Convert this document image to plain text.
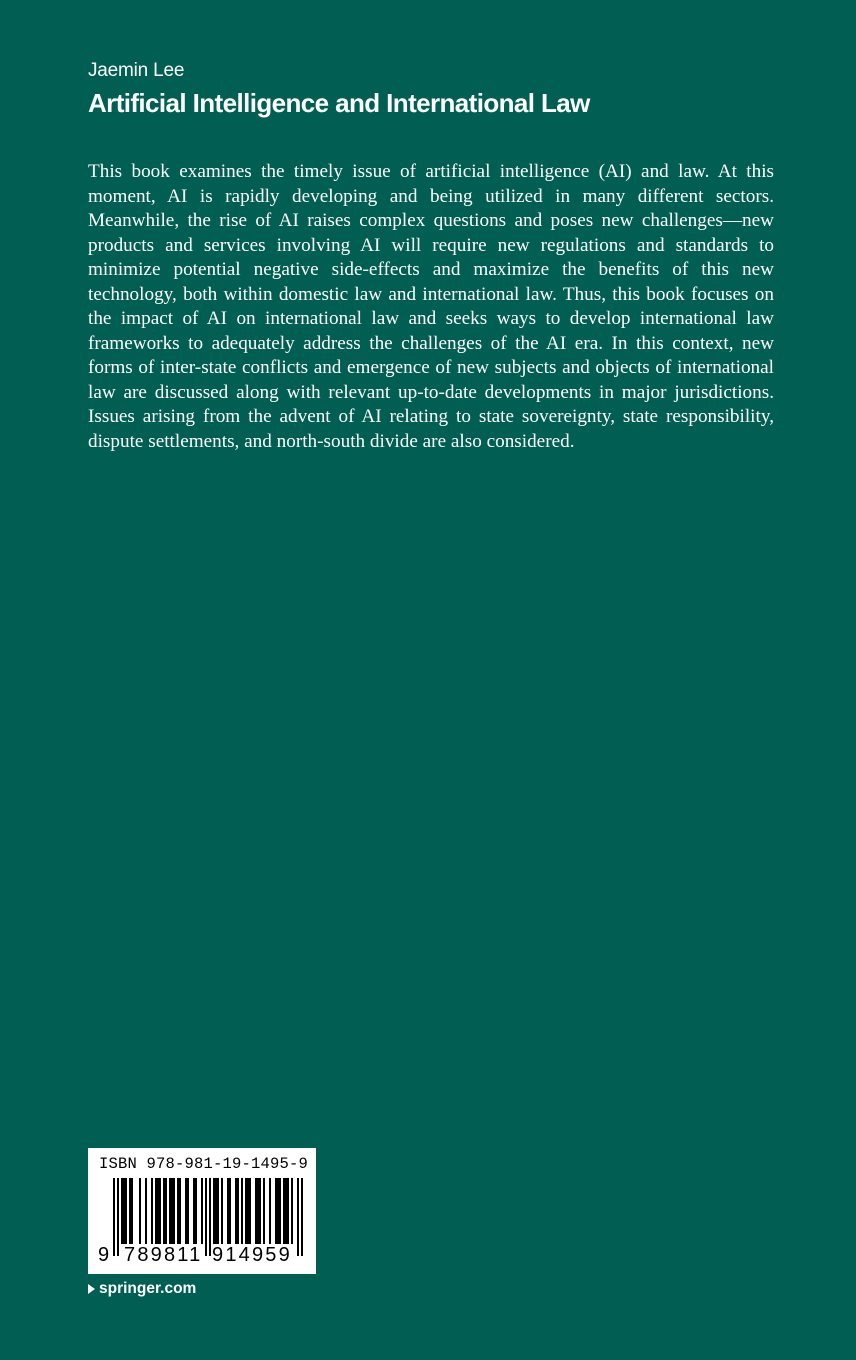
Jaemin Lee
Artificial Intelligence and International Law

This book examines the timely issue of artificial intelligence (AI) and law. At this moment, AI is rapidly developing and being utilized in many different sectors. Meanwhile, the rise of AI raises complex questions and poses new challenges—new products and services involving AI will require new regulations and standards to minimize potential negative side-effects and maximize the benefits of this new technology, both within domestic law and international law. Thus, this book focuses on the impact of AI on international law and seeks ways to develop international law frameworks to adequately address the challenges of the AI era. In this context, new forms of inter-state conflicts and emergence of new subjects and objects of international law are discussed along with relevant up-to-date developments in major jurisdictions. Issues arising from the advent of AI relating to state sovereignty, state responsibility, dispute settlements, and north-south divide are also considered.

ISBN 978-981-19-1495-9
9 789811 914959
springer.com
